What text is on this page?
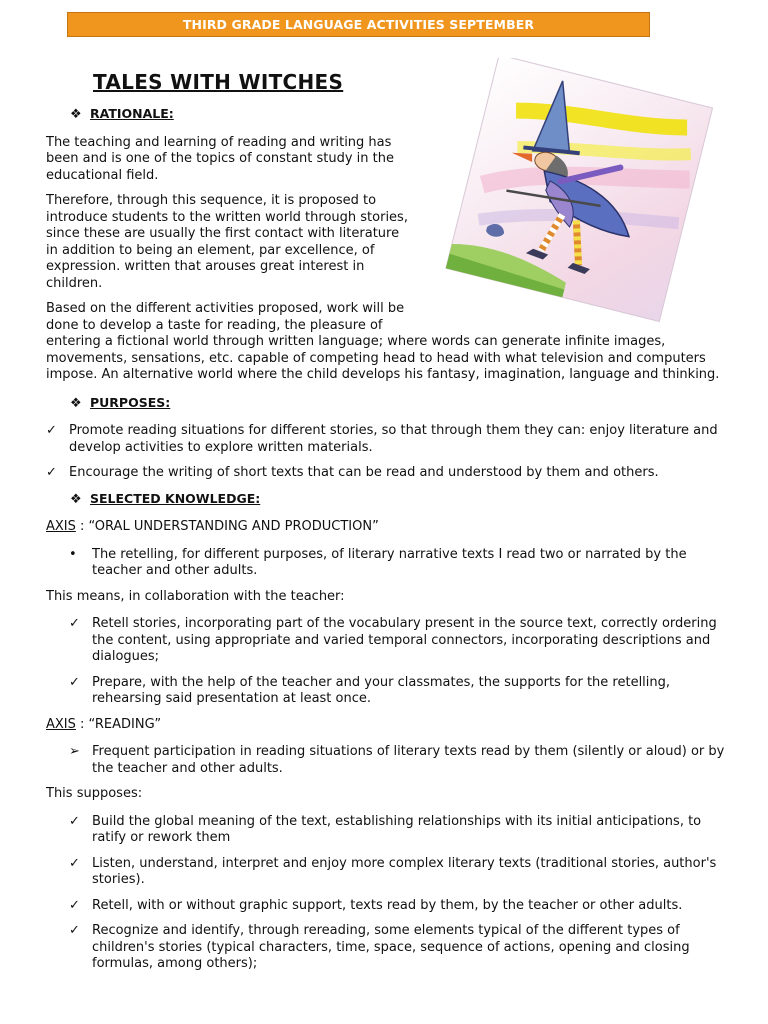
THIRD GRADE LANGUAGE ACTIVITIES SEPTEMBER
TALES WITH WITCHES
❖ RATIONALE:

The teaching and learning of reading and writing has been and is one of the topics of constant study in the educational field.

Therefore, through this sequence, it is proposed to introduce students to the written world through stories, since these are usually the first contact with literature in addition to being an element, par excellence, of expression. written that arouses great interest in children.

Based on the different activities proposed, work will be done to develop a taste for reading, the pleasure of

entering a fictional world through written language; where words can generate infinite images, movements, sensations, etc. capable of competing head to head with what television and computers impose. An alternative world where the child develops his fantasy, imagination, language and thinking.

❖ PURPOSES:
✓ Promote reading situations for different stories, so that through them they can: enjoy literature and develop activities to explore written materials.
✓ Encourage the writing of short texts that can be read and understood by them and others.
❖ SELECTED KNOWLEDGE:

AXIS : “ORAL UNDERSTANDING AND PRODUCTION”

• The retelling, for different purposes, of literary narrative texts I read two or narrated by the teacher and other adults.

This means, in collaboration with the teacher:

✓ Retell stories, incorporating part of the vocabulary present in the source text, correctly ordering the content, using appropriate and varied temporal connectors, incorporating descriptions and dialogues;
✓ Prepare, with the help of the teacher and your classmates, the supports for the retelling, rehearsing said presentation at least once.

AXIS : “READING”

➢ Frequent participation in reading situations of literary texts read by them (silently or aloud) or by the teacher and other adults.

This supposes:

✓ Build the global meaning of the text, establishing relationships with its initial anticipations, to ratify or rework them
✓ Listen, understand, interpret and enjoy more complex literary texts (traditional stories, author's stories).
✓ Retell, with or without graphic support, texts read by them, by the teacher or other adults.
✓ Recognize and identify, through rereading, some elements typical of the different types of children's stories (typical characters, time, space, sequence of actions, opening and closing formulas, among others);
